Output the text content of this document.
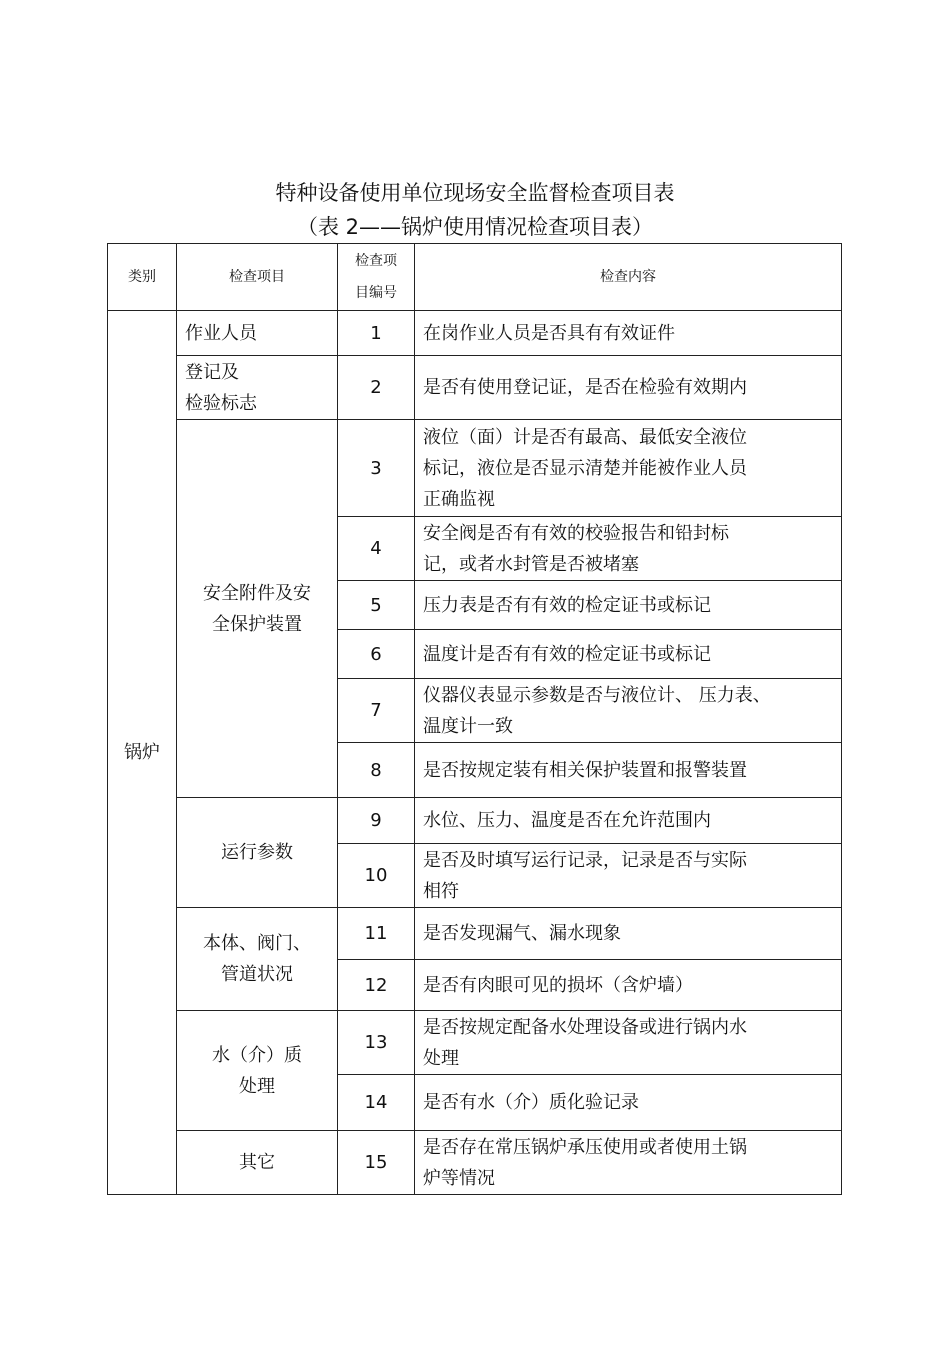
特种设备使用单位现场安全监督检查项目表
（表 2——锅炉使用情况检查项目表）
类别	检查项目	检查项
目编号	检查内容
锅炉	作业人员	1	在岗作业人员是否具有有效证件
	登记及
检验标志	2	是否有使用登记证，是否在检验有效期内
	安全附件及安
全保护装置	3	液位（面）计是否有最高、最低安全液位
标记，液位是否显示清楚并能被作业人员
正确监视
		4	安全阀是否有有效的校验报告和铅封标
记，或者水封管是否被堵塞
		5	压力表是否有有效的检定证书或标记
		6	温度计是否有有效的检定证书或标记
		7	仪器仪表显示参数是否与液位计、 压力表、
温度计一致
		8	是否按规定装有相关保护装置和报警装置
	运行参数	9	水位、压力、温度是否在允许范围内
		10	是否及时填写运行记录，记录是否与实际
相符
	本体、阀门、
管道状况	11	是否发现漏气、漏水现象
		12	是否有肉眼可见的损坏（含炉墙）
	水（介）质
处理	13	是否按规定配备水处理设备或进行锅内水
处理
		14	是否有水（介）质化验记录
	其它	15	是否存在常压锅炉承压使用或者使用土锅
炉等情况
